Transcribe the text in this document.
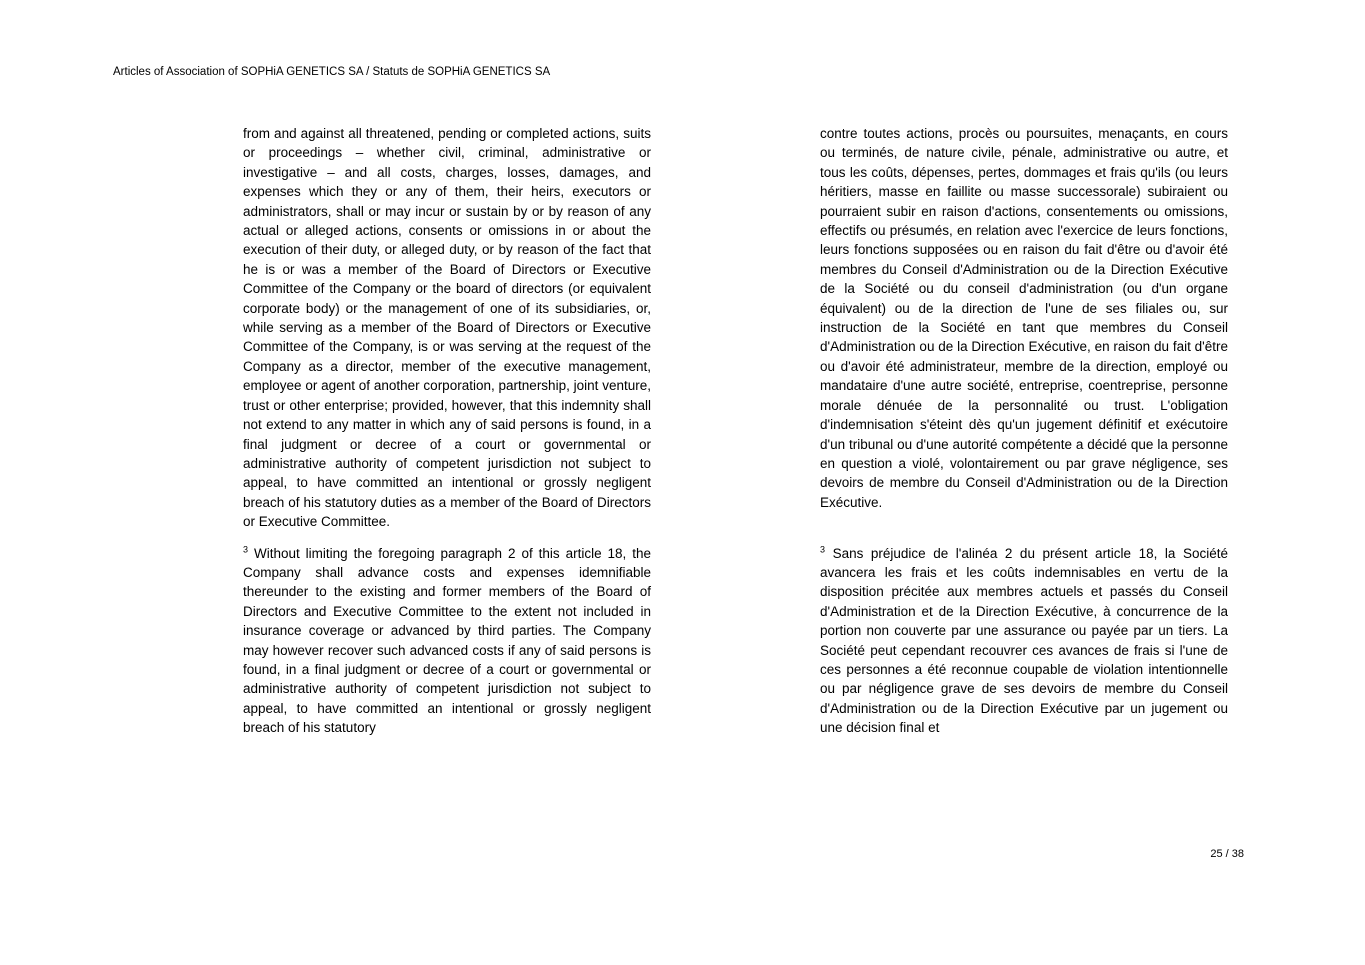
Articles of Association of SOPHiA GENETICS SA / Statuts de SOPHiA GENETICS SA

from and against all threatened, pending or completed actions, suits or proceedings – whether civil, criminal, administrative or investigative – and all costs, charges, losses, damages, and expenses which they or any of them, their heirs, executors or administrators, shall or may incur or sustain by or by reason of any actual or alleged actions, consents or omissions in or about the execution of their duty, or alleged duty, or by reason of the fact that he is or was a member of the Board of Directors or Executive Committee of the Company or the board of directors (or equivalent corporate body) or the management of one of its subsidiaries, or, while serving as a member of the Board of Directors or Executive Committee of the Company, is or was serving at the request of the Company as a director, member of the executive management, employee or agent of another corporation, partnership, joint venture, trust or other enterprise; provided, however, that this indemnity shall not extend to any matter in which any of said persons is found, in a final judgment or decree of a court or governmental or administrative authority of competent jurisdiction not subject to appeal, to have committed an intentional or grossly negligent breach of his statutory duties as a member of the Board of Directors or Executive Committee.

contre toutes actions, procès ou poursuites, menaçants, en cours ou terminés, de nature civile, pénale, administrative ou autre, et tous les coûts, dépenses, pertes, dommages et frais qu'ils (ou leurs héritiers, masse en faillite ou masse successorale) subiraient ou pourraient subir en raison d'actions, consentements ou omissions, effectifs ou présumés, en relation avec l'exercice de leurs fonctions, leurs fonctions supposées ou en raison du fait d'être ou d'avoir été membres du Conseil d'Administration ou de la Direction Exécutive de la Société ou du conseil d'administration (ou d'un organe équivalent) ou de la direction de l'une de ses filiales ou, sur instruction de la Société en tant que membres du Conseil d'Administration ou de la Direction Exécutive, en raison du fait d'être ou d'avoir été administrateur, membre de la direction, employé ou mandataire d'une autre société, entreprise, coentreprise, personne morale dénuée de la personnalité ou trust. L'obligation d'indemnisation s'éteint dès qu'un jugement définitif et exécutoire d'un tribunal ou d'une autorité compétente a décidé que la personne en question a violé, volontairement ou par grave négligence, ses devoirs de membre du Conseil d'Administration ou de la Direction Exécutive.

$^3$ Without limiting the foregoing paragraph 2 of this article 18, the Company shall advance costs and expenses idemnifiable thereunder to the existing and former members of the Board of Directors and Executive Committee to the extent not included in insurance coverage or advanced by third parties. The Company may however recover such advanced costs if any of said persons is found, in a final judgment or decree of a court or governmental or administrative authority of competent jurisdiction not subject to appeal, to have committed an intentional or grossly negligent breach of his statutory

$^3$ Sans préjudice de l'alinéa 2 du présent article 18, la Société avancera les frais et les coûts indemnisables en vertu de la disposition précitée aux membres actuels et passés du Conseil d'Administration et de la Direction Exécutive, à concurrence de la portion non couverte par une assurance ou payée par un tiers. La Société peut cependant recouvrer ces avances de frais si l'une de ces personnes a été reconnue coupable de violation intentionnelle ou par négligence grave de ses devoirs de membre du Conseil d'Administration ou de la Direction Exécutive par un jugement ou une décision final et

25 / 38
